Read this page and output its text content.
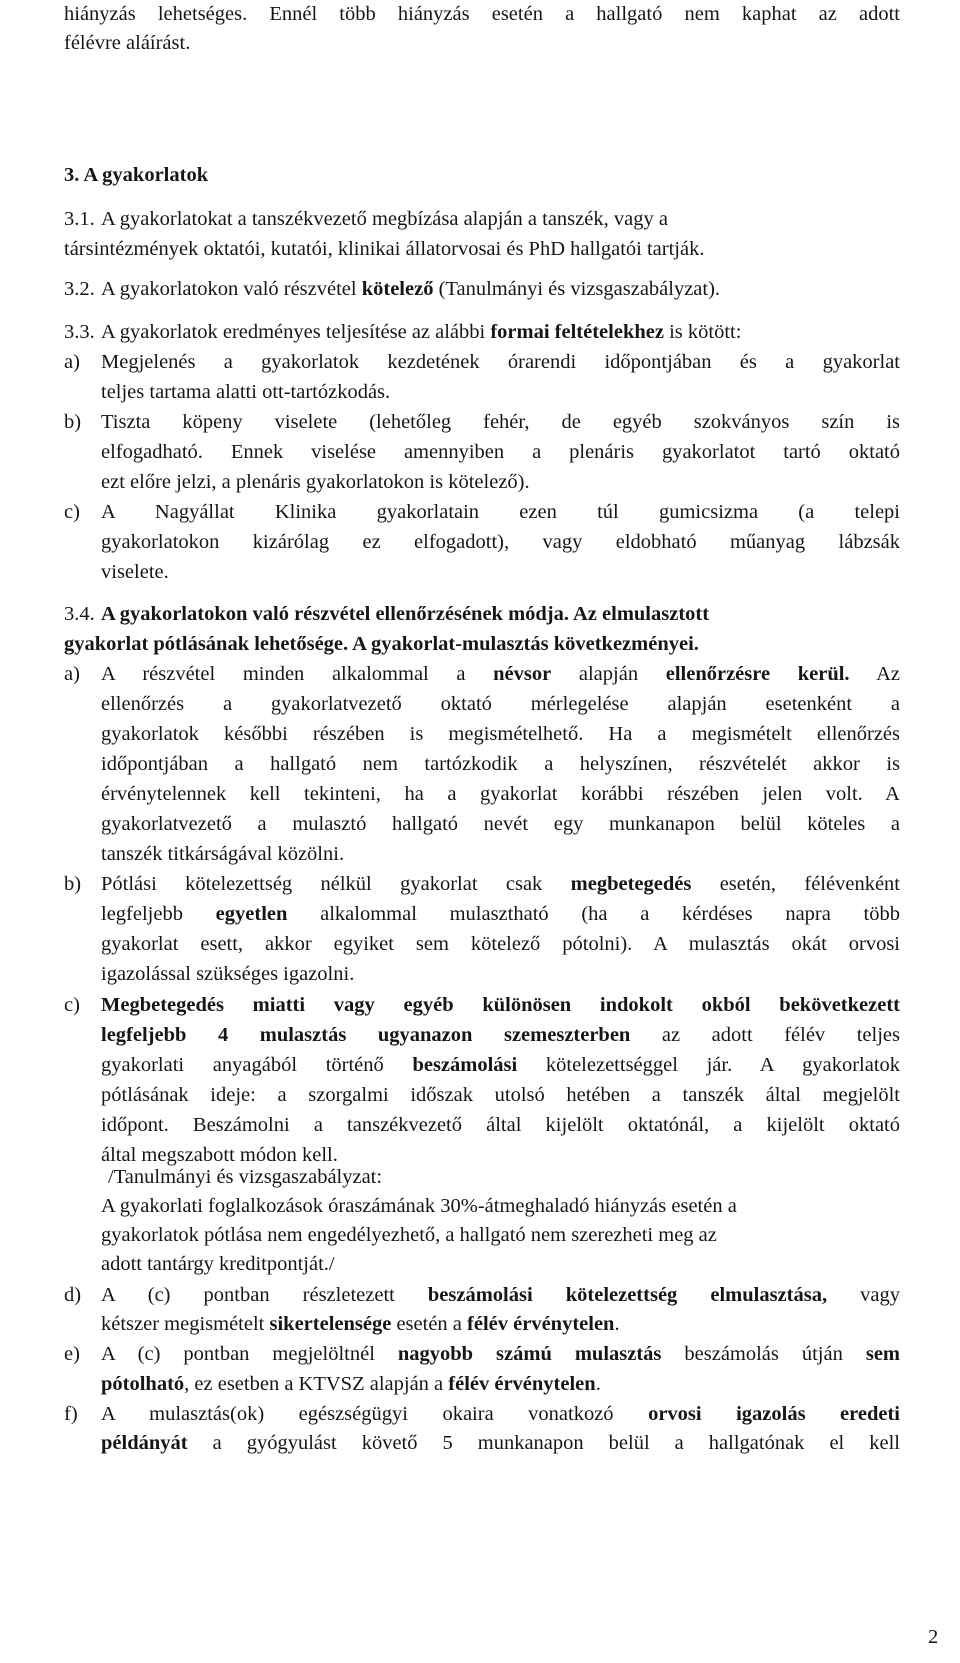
hiányzás lehetséges. Ennél több hiányzás esetén a hallgató nem kaphat az adott
félévre aláírást.
3. A gyakorlatok
3.1. A gyakorlatokat a tanszékvezető megbízása alapján a tanszék, vagy a
társintézmények oktatói, kutatói, klinikai állatorvosai és PhD hallgatói tartják.
3.2. A gyakorlatokon való részvétel kötelező (Tanulmányi és vizsgaszabályzat).
3.3. A gyakorlatok eredményes teljesítése az alábbi formai feltételekhez is kötött:
a) Megjelenés a gyakorlatok kezdetének órarendi időpontjában és a gyakorlat
teljes tartama alatti ott-tartózkodás.
b) Tiszta köpeny viselete (lehetőleg fehér, de egyéb szokványos szín is
elfogadható. Ennek viselése amennyiben a plenáris gyakorlatot tartó oktató
ezt előre jelzi, a plenáris gyakorlatokon is kötelező).
c) A Nagyállat Klinika gyakorlatain ezen túl gumicsizma (a telepi
gyakorlatokon kizárólag ez elfogadott), vagy eldobható műanyag lábzsák
viselete.
3.4. A gyakorlatokon való részvétel ellenőrzésének módja. Az elmulasztott
gyakorlat pótlásának lehetősége. A gyakorlat-mulasztás következményei.
a) A részvétel minden alkalommal a névsor alapján ellenőrzésre kerül. Az
ellenőrzés a gyakorlatvezető oktató mérlegelése alapján esetenként a
gyakorlatok későbbi részében is megismételhető. Ha a megismételt ellenőrzés
időpontjában a hallgató nem tartózkodik a helyszínen, részvételét akkor is
érvénytelennek kell tekinteni, ha a gyakorlat korábbi részében jelen volt. A
gyakorlatvezető a mulasztó hallgató nevét egy munkanapon belül köteles a
tanszék titkárságával közölni.
b) Pótlási kötelezettség nélkül gyakorlat csak megbetegedés esetén, félévenként
legfeljebb egyetlen alkalommal mulasztható (ha a kérdéses napra több
gyakorlat esett, akkor egyiket sem kötelező pótolni). A mulasztás okát orvosi
igazolással szükséges igazolni.
c) Megbetegedés miatti vagy egyéb különösen indokolt okból bekövetkezett
legfeljebb 4 mulasztás ugyanazon szemeszterben az adott félév teljes
gyakorlati anyagából történő beszámolási kötelezettséggel jár. A gyakorlatok
pótlásának ideje: a szorgalmi időszak utolsó hetében a tanszék által megjelölt
időpont. Beszámolni a tanszékvezető által kijelölt oktatónál, a kijelölt oktató
által megszabott módon kell.
/Tanulmányi és vizsgaszabályzat:
A gyakorlati foglalkozások óraszámának 30%-átmeghaladó hiányzás esetén a
gyakorlatok pótlása nem engedélyezhető, a hallgató nem szerezheti meg az
adott tantárgy kreditpontját./
d) A (c) pontban részletezett beszámolási kötelezettség elmulasztása, vagy
kétszer megismételt sikertelensége esetén a félév érvénytelen.
e) A (c) pontban megjelöltnél nagyobb számú mulasztás beszámolás útján sem
pótolható, ez esetben a KTVSZ alapján a félév érvénytelen.
f) A mulasztás(ok) egészségügyi okaira vonatkozó orvosi igazolás eredeti
példányát a gyógyulást követő 5 munkanapon belül a hallgatónak el kell
2
